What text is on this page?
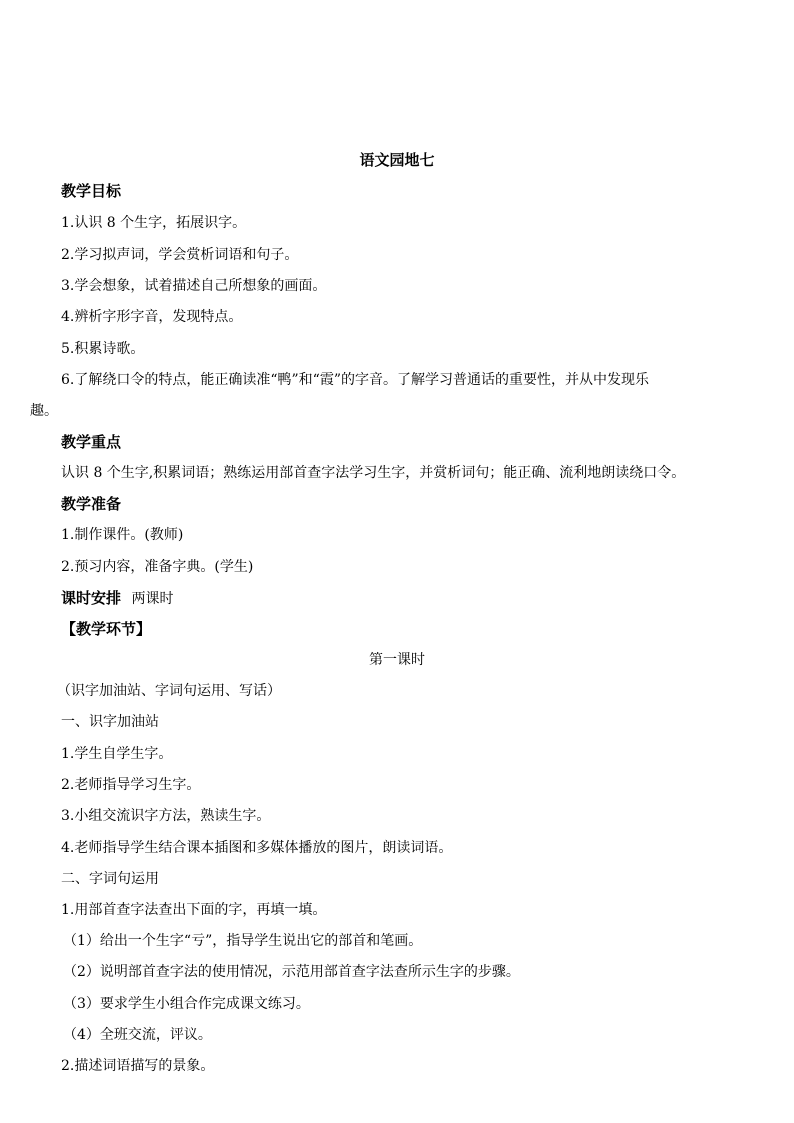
语文园地七
教学目标
1.认识 8 个生字，拓展识字。
2.学习拟声词，学会赏析词语和句子。
3.学会想象，试着描述自己所想象的画面。
4.辨析字形字音，发现特点。
5.积累诗歌。
6.了解绕口令的特点，能正确读准“鸭”和“霞”的字音。了解学习普通话的重要性，并从中发现乐
趣。
教学重点
认识 8 个生字,积累词语；熟练运用部首查字法学习生字，并赏析词句；能正确、流利地朗读绕口令。
教学准备
1.制作课件。(教师)
2.预习内容，准备字典。(学生)
课时安排 两课时
【教学环节】
第一课时
（识字加油站、字词句运用、写话）
一、识字加油站
1.学生自学生字。
2.老师指导学习生字。
3.小组交流识字方法，熟读生字。
4.老师指导学生结合课本插图和多媒体播放的图片，朗读词语。
二、字词句运用
1.用部首查字法查出下面的字，再填一填。
（1）给出一个生字“亏”，指导学生说出它的部首和笔画。
（2）说明部首查字法的使用情况，示范用部首查字法查所示生字的步骤。
（3）要求学生小组合作完成课文练习。
（4）全班交流，评议。
2.描述词语描写的景象。
